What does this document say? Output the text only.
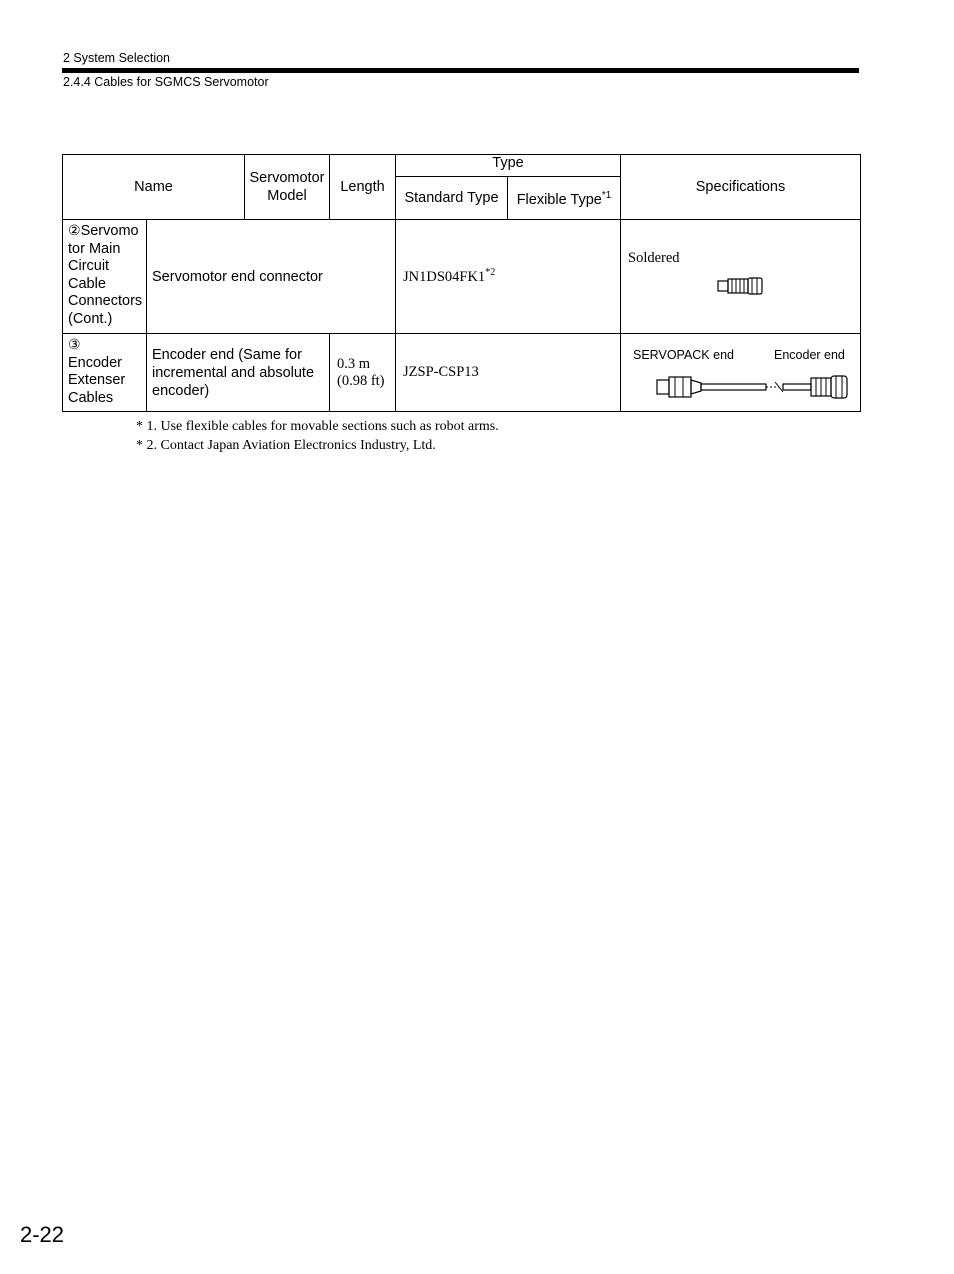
2 System Selection
2.4.4 Cables for SGMCS Servomotor
Name		Servomotor Model	Length	Type		Specifications
				Standard Type	Flexible Type$^{*1}$
②Servomo
tor Main Circuit Cable Connectors (Cont.)	Servomotor end connector			JN1DS04FK1$^{*2}$		Soldered

③
Encoder Extenser Cables	Encoder end (Same for incremental and absolute encoder)		0.3 m (0.98 ft)	JZSP-CSP13		SERVOPACK end Encoder end
* 1. Use flexible cables for movable sections such as robot arms.
* 2. Contact Japan Aviation Electronics Industry, Ltd.
2-22
